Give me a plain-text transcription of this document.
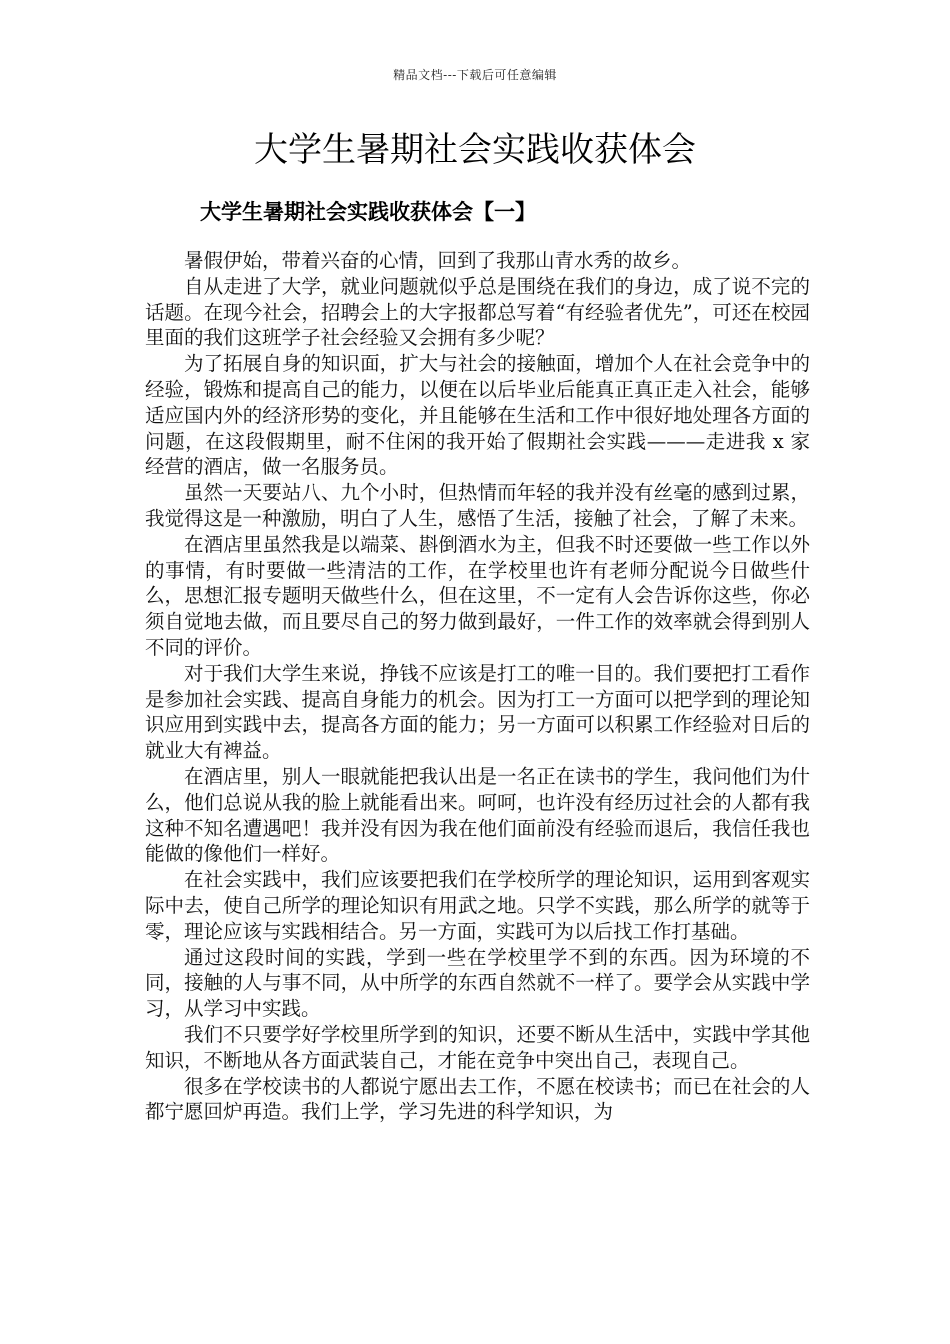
精品文档---下载后可任意编辑
大学生暑期社会实践收获体会
大学生暑期社会实践收获体会【一】

暑假伊始，带着兴奋的心情，回到了我那山青水秀的故乡。

自从走进了大学，就业问题就似乎总是围绕在我们的身边，成了说不完的话题。在现今社会，招聘会上的大字报都总写着“有经验者优先”，可还在校园里面的我们这班学子社会经验又会拥有多少呢？

为了拓展自身的知识面，扩大与社会的接触面，增加个人在社会竞争中的经验，锻炼和提高自己的能力，以便在以后毕业后能真正真正走入社会，能够适应国内外的经济形势的变化，并且能够在生活和工作中很好地处理各方面的问题，在这段假期里，耐不住闲的我开始了假期社会实践———走进我 x 家经营的酒店，做一名服务员。

虽然一天要站八、九个小时，但热情而年轻的我并没有丝毫的感到过累，我觉得这是一种激励，明白了人生，感悟了生活，接触了社会，了解了未来。

在酒店里虽然我是以端菜、斟倒酒水为主，但我不时还要做一些工作以外的事情，有时要做一些清洁的工作，在学校里也许有老师分配说今日做些什么，思想汇报专题明天做些什么，但在这里，不一定有人会告诉你这些，你必须自觉地去做，而且要尽自己的努力做到最好，一件工作的效率就会得到别人不同的评价。

对于我们大学生来说，挣钱不应该是打工的唯一目的。我们要把打工看作是参加社会实践、提高自身能力的机会。因为打工一方面可以把学到的理论知识应用到实践中去，提高各方面的能力；另一方面可以积累工作经验对日后的就业大有裨益。

在酒店里，别人一眼就能把我认出是一名正在读书的学生，我问他们为什么，他们总说从我的脸上就能看出来。呵呵，也许没有经历过社会的人都有我这种不知名遭遇吧！我并没有因为我在他们面前没有经验而退后，我信任我也能做的像他们一样好。

在社会实践中，我们应该要把我们在学校所学的理论知识，运用到客观实际中去，使自己所学的理论知识有用武之地。只学不实践，那么所学的就等于零，理论应该与实践相结合。另一方面，实践可为以后找工作打基础。

通过这段时间的实践，学到一些在学校里学不到的东西。因为环境的不同，接触的人与事不同，从中所学的东西自然就不一样了。要学会从实践中学习，从学习中实践。

我们不只要学好学校里所学到的知识，还要不断从生活中，实践中学其他知识，不断地从各方面武装自己，才能在竞争中突出自己，表现自己。

很多在学校读书的人都说宁愿出去工作，不愿在校读书；而已在社会的人都宁愿回炉再造。我们上学，学习先进的科学知识，为
